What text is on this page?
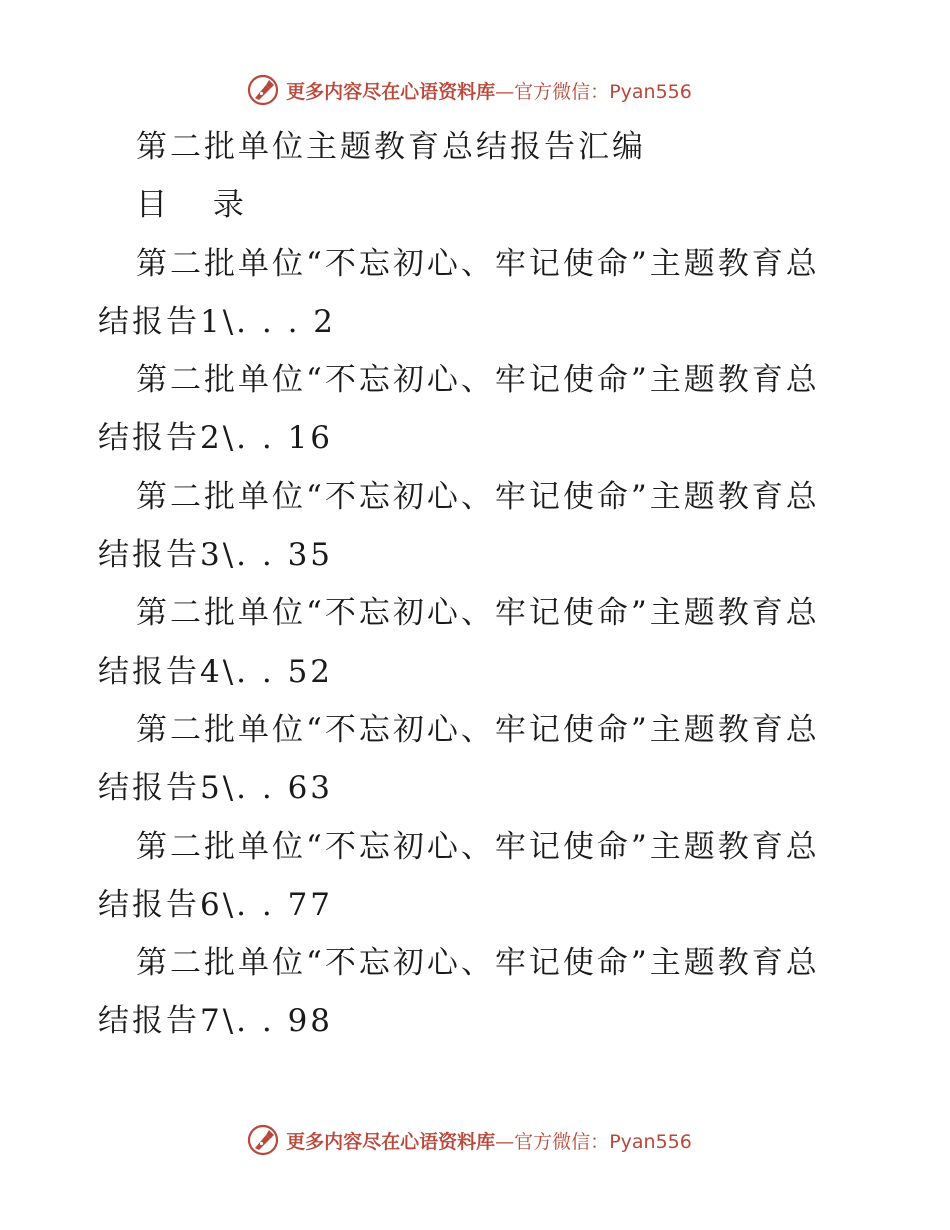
更多内容尽在心语资料库—官方微信：Pyan556
第二批单位主题教育总结报告汇编
目 录
第二批单位“不忘初心、牢记使命”主题教育总
结报告1\. . . 2
第二批单位“不忘初心、牢记使命”主题教育总
结报告2\. . 16
第二批单位“不忘初心、牢记使命”主题教育总
结报告3\. . 35
第二批单位“不忘初心、牢记使命”主题教育总
结报告4\. . 52
第二批单位“不忘初心、牢记使命”主题教育总
结报告5\. . 63
第二批单位“不忘初心、牢记使命”主题教育总
结报告6\. . 77
第二批单位“不忘初心、牢记使命”主题教育总
结报告7\. . 98
更多内容尽在心语资料库—官方微信：Pyan556
